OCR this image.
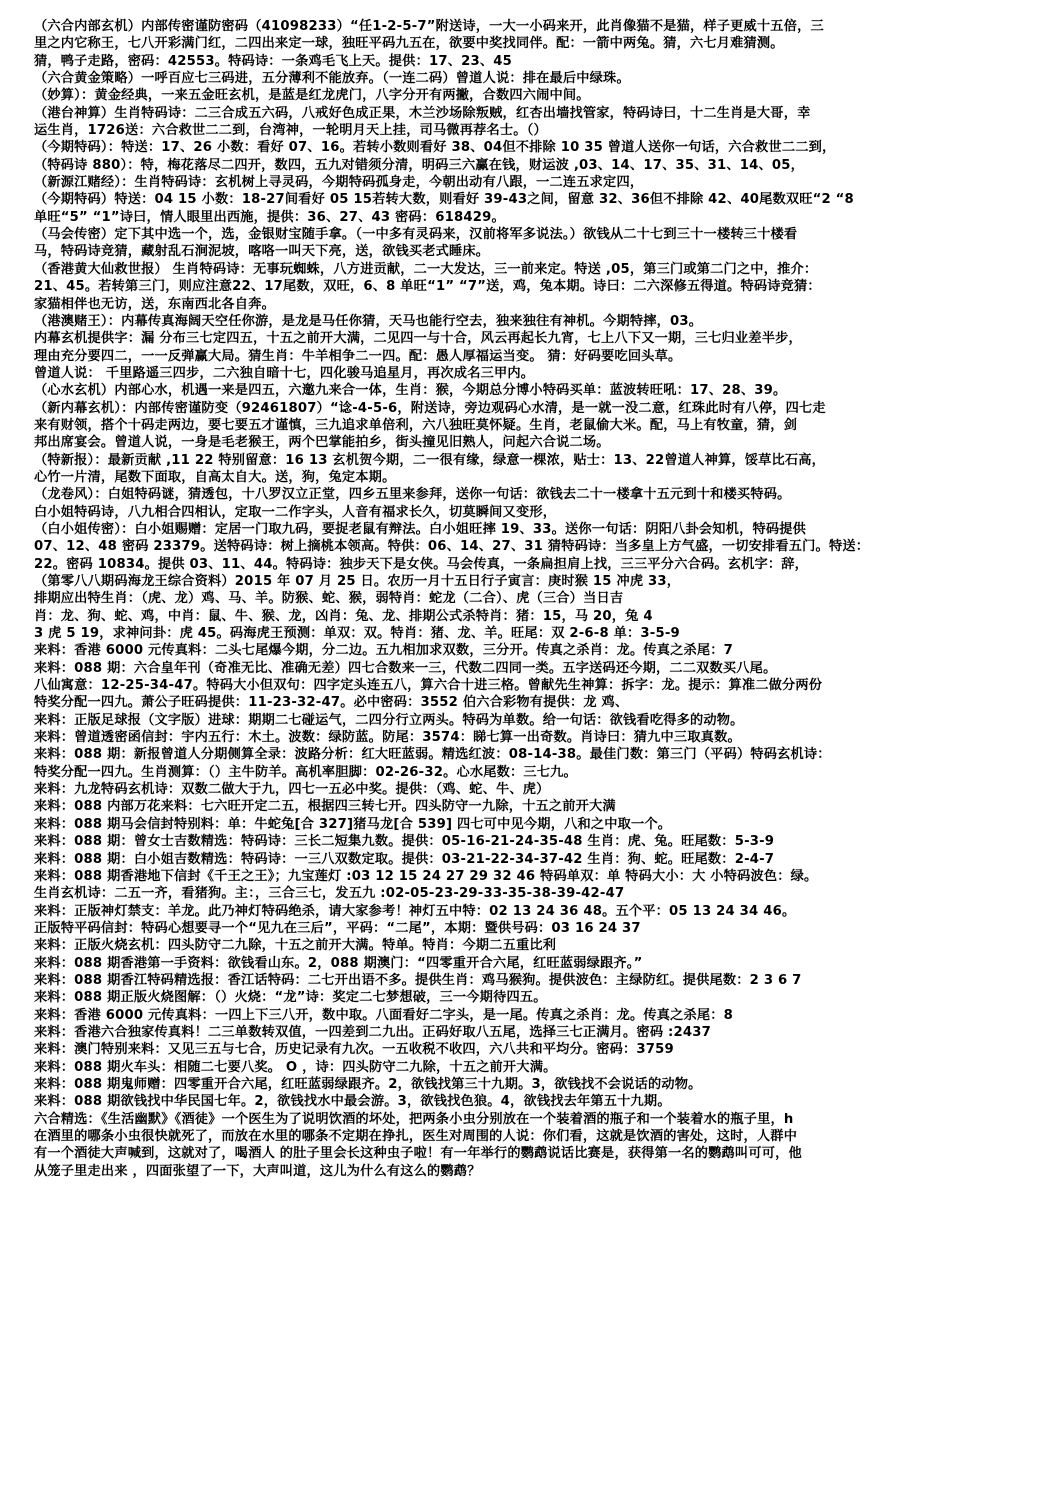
（六合内部玄机）内部传密谨防密码（41098233）“任1-2-5-7”附送诗，一大一小码来开，此肖像猫不是猫，样子更威十五倍，三
里之内它称王，七八开彩满门红，二四出来定一球，独旺平码九五在，欲要中奖找同伴。配：一箭中两兔。猜，六七月难猜测。
猜，鸭子走路，密码：42553。特码诗：一条鸡毛飞上天。提供：17、23、45
（六合黄金策略）一呼百应七三码进，五分薄利不能放弃。（一连二码）曾道人说：排在最后中绿珠。
（妙算）：黄金经典，一来五金旺玄机，是蓝是红龙虎门，八字分开有两撇，合数四六闹中间。
（港台神算）生肖特码诗：二三合成五六码，八戒好色成正果，木兰沙场除叛贼，红杏出墙找管家，特码诗曰，十二生肖是大哥，幸
运生肖，1726送：六合救世二二到，台湾神，一轮明月天上挂，司马微再荐名士。（）
（今期特码）：特送：17、26 小数：看好 07、16。若转小数则看好 38、04但不排除 10 35 曾道人送你一句话，六合救世二二到，
（特码诗 880）：特，梅花落尽二四开，数四，五九对错须分清，明码三六赢在钱，财运波 ,03、14、17、35、31、14、05，
（新源江赌经）：生肖特码诗：玄机树上寻灵码，今期特码孤身走，今朝出动有八跟，一二连五求定四，
（今期特码）特送：04 15 小数：18-27间看好 05 15若转大数，则看好 39-43之间，留意 32、36但不排除 42、40尾数双旺“2 “8
单旺“5” “1”诗曰，情人眼里出西施，提供：36、27、43 密码：618429。
（马会传密）定下其中选一个，选，金银财宝随手拿。（一中多有灵码来，汉前将军多说法。）欲钱从二十七到三十一楼转三十楼看
马，特码诗竞猜，藏射乱石涧泥坡，喀咯一叫天下亮，送，欲钱买老式睡床。
（香港黄大仙救世报） 生肖特码诗：无事玩蜘蛛，八方进贡献，二一大发达，三一前来定。特送 ,05，第三门或第二门之中，推介：
21、45。若转第三门，则应注意22、17尾数，双旺，6、8 单旺“1” “7”送，鸡，兔本期。诗曰：二六深修五得道。特码诗竞猜：
家猫相伴也无访，送，东南西北各自奔。
（港澳赌王）：内幕传真海阔天空任你游，是龙是马任你猜，天马也能行空去，独来独往有神机。今期特摔，03。
内幕玄机提供字：漏 分布三七定四五，十五之前开大满，二见四一与十合，风云再起长九宵，七上八下又一期，三七归业差半步，
理由充分要四二，一一反弹赢大局。猜生肖：牛羊相争二一四。配：愚人厚福运当变。 猜：好码要吃回头草。
曾道人说： 千里路遥三四步，二六独自暗十七，四化骏马追星月，再次成名三甲内。
（心水玄机）内部心水，机遇一来是四五，六邀九来合一体，生肖：猴，今期总分博小特码买单：蓝波转旺吼：17、28、39。
（新内幕玄机）：内部传密谨防变（92461807）“谂-4-5-6，附送诗，旁边观码心水清，是一就一没二意，红珠此时有八停，四七走
来有财领，搭个十码走两边，要七要五才谨慎，三九追求单倍利，六八独旺莫怀疑。生肖，老鼠偷大米。配，马上有牧童，猜，剑
邦出席宴会。曾道人说，一身是毛老猴王，两个巴掌能拍乡，街头撞见旧熟人，问起六合说二场。
（特新报）：最新贡献 ,11 22 特别留意：16 13 玄机贺今期，二一很有缘，绿意一棵浓，贴士：13、22曾道人神算，馁草比石高，
心竹一片清，尾数下面取，自高太自大。送，狗，兔定本期。
（龙卷风）：白姐特码谜，猜透包，十八罗汉立正堂，四乡五里来参拜，送你一句话：欲钱去二十一楼拿十五元到十和楼买特码。
白小姐特码诗，八九相合四相认，定取一二作字头，人音有福求长久，切莫瞬间又变形，
（白小姐传密）：白小姐赐赠：定居一门取九码，要捉老鼠有辩法。白小姐旺摔 19、33。送你一句话：阴阳八卦会知机，特码提供
07、12、48 密码 23379。送特码诗：树上摘桃本领高。特供：06、14、27、31 猜特码诗：当多皇上方气盛，一切安排看五门。特送：
22。密码 10834。提供 03、11、44。特码诗：独步天下是女侠。马会传真，一条扁担肩上找，三三平分六合码。玄机字：辞，
（第零八八期码海龙王综合资料）2015 年 07 月 25 日。农历一月十五日行子寅言：庚时猴 15 冲虎 33，
排期应出特生肖：（虎、龙）鸡、马、羊。防猴、蛇、猴，弱特肖：蛇龙（二合）、虎（三合）当日吉
肖：龙、狗、蛇、鸡，中肖：鼠、牛、猴、龙，凶肖：兔、龙、排期公式杀特肖：猪：15，马 20，兔 4
3 虎 5 19，求神问卦：虎 45。码海虎王预测：单双：双。特肖：猪、龙、羊。旺尾：双 2-6-8 单：3-5-9
来料：香港 6000 元传真料：二头七尾爆今期，分二边。五九相加求双数，三分开。传真之杀肖：龙。传真之杀尾：7
来料：088 期：六合皇年刊（奇准无比、准确无差）四七合数来一三，代数二四同一类。五字送码还今期，二二双数买八尾。
八仙寓意：12-25-34-47。特码大小但双句：四字定头连五八，算六合十进三格。曾献先生神算：拆字：龙。提示：算准二做分两份
特奖分配一四九。萧公子旺码提供：11-23-32-47。必中密码：3552 伯六合彩物有提供：龙 鸡、
来料：正版足球报（文字版）进球：期期二七碰运气，二四分行立两头。特码为单数。给一句话：欲钱看吃得多的动物。
来料：曾道透密函信封：宇内五行：木土。波数：绿防蓝。防尾：3574：睇七算一出奇数。肖诗曰：猜九中三取真数。
来料：088 期：新报曾道人分期侧算全录：波路分析：红大旺蓝弱。精选红波：08-14-38。最佳门数：第三门（平码）特码玄机诗：
特奖分配一四九。生肖测算：（）主牛防羊。高机率胆脚：02-26-32。心水尾数：三七九。
来料：九龙特码玄机诗：双数二做大于九，四七一五必中奖。提供：（鸡、蛇、牛、虎）
来料：088 内部万花来料：七六旺开定二五，根据四三转七开。四头防守一九除，十五之前开大满
来料：088 期马会信封特别料：单：牛蛇兔[合 327]猪马龙[合 539] 四七可中见今期，八和之中取一个。
来料：088 期：曾女士吉数精选：特码诗：三长二短集九数。提供：05-16-21-24-35-48 生肖：虎、兔。旺尾数：5-3-9
来料：088 期：白小姐吉数精选：特码诗：一三八双数定取。提供：03-21-22-34-37-42 生肖：狗、蛇。旺尾数：2-4-7
来料：088 期香港地下信封《千王之王》；九宝莲灯 :03 12 15 24 27 29 32 46 特码单双：单 特码大小：大 小特码波色：绿。
生肖玄机诗：二五一齐，看猪狗。主：，三合三七，发五九 :02-05-23-29-33-35-38-39-42-47
来料：正版神灯禁支：羊龙。此乃神灯特码绝杀，请大家参考！神灯五中特：02 13 24 36 48。五个平：05 13 24 34 46。
正版特平码信封：特码心想要寻一个“见九在三后”，平码：“二尾”，本期：暨供号码：03 16 24 37
来料：正版火烧玄机：四头防守二九除，十五之前开大满。特单。特肖：今期二五重比利
来料：088 期香港第一手资料：欲钱看山东。2，088 期澳门：“四零重开合六尾，红旺蓝弱绿跟齐。”
来料：088 期香江特码精选报：香江话特码：二七开出语不多。提供生肖：鸡马猴狗。提供波色：主绿防红。提供尾数：2 3 6 7
来料：088 期正版火烧图解：（）火烧：“龙”诗：奖定二七梦想破，三一今期待四五。
来料：香港 6000 元传真料：一四上下三八开，数中取。八面看好二字头，是一尾。传真之杀肖：龙。传真之杀尾：8
来料：香港六合独家传真料！二三单数转双值，一四差到二九出。正码好取八五尾，选择三七正满月。密码 :2437
来料：澳门特别来料：又见三五与七合，历史记录有九次。一五收税不收四，六八共和平均分。密码：3759
来料：088 期火车头：相随二七要八奖。 O ，诗：四头防守二九除，十五之前开大满。
来料：088 期鬼师赠：四零重开合六尾，红旺蓝弱绿跟齐。2，欲钱找第三十九期。3，欲钱找不会说话的动物。
来料：088 期欲钱找中华民国七年。2，欲钱找水中最会游。3，欲钱找色狼。4，欲钱找去年第五十九期。
六合精选：《生活幽默》《酒徒》一个医生为了说明饮酒的坏处，把两条小虫分别放在一个装着酒的瓶子和一个装着水的瓶子里，h
在酒里的哪条小虫很快就死了，而放在水里的哪条不定期在挣扎，医生对周围的人说：你们看，这就是饮酒的害处，这时，人群中
有一个酒徒大声喊到，这就对了，喝酒人 的肚子里会长这种虫子啦！有一年举行的鹦鹉说话比赛是，获得第一名的鹦鹉叫可可，他
从笼子里走出来 ，四面张望了一下，大声叫道，这儿为什么有这么的鹦鹉？
